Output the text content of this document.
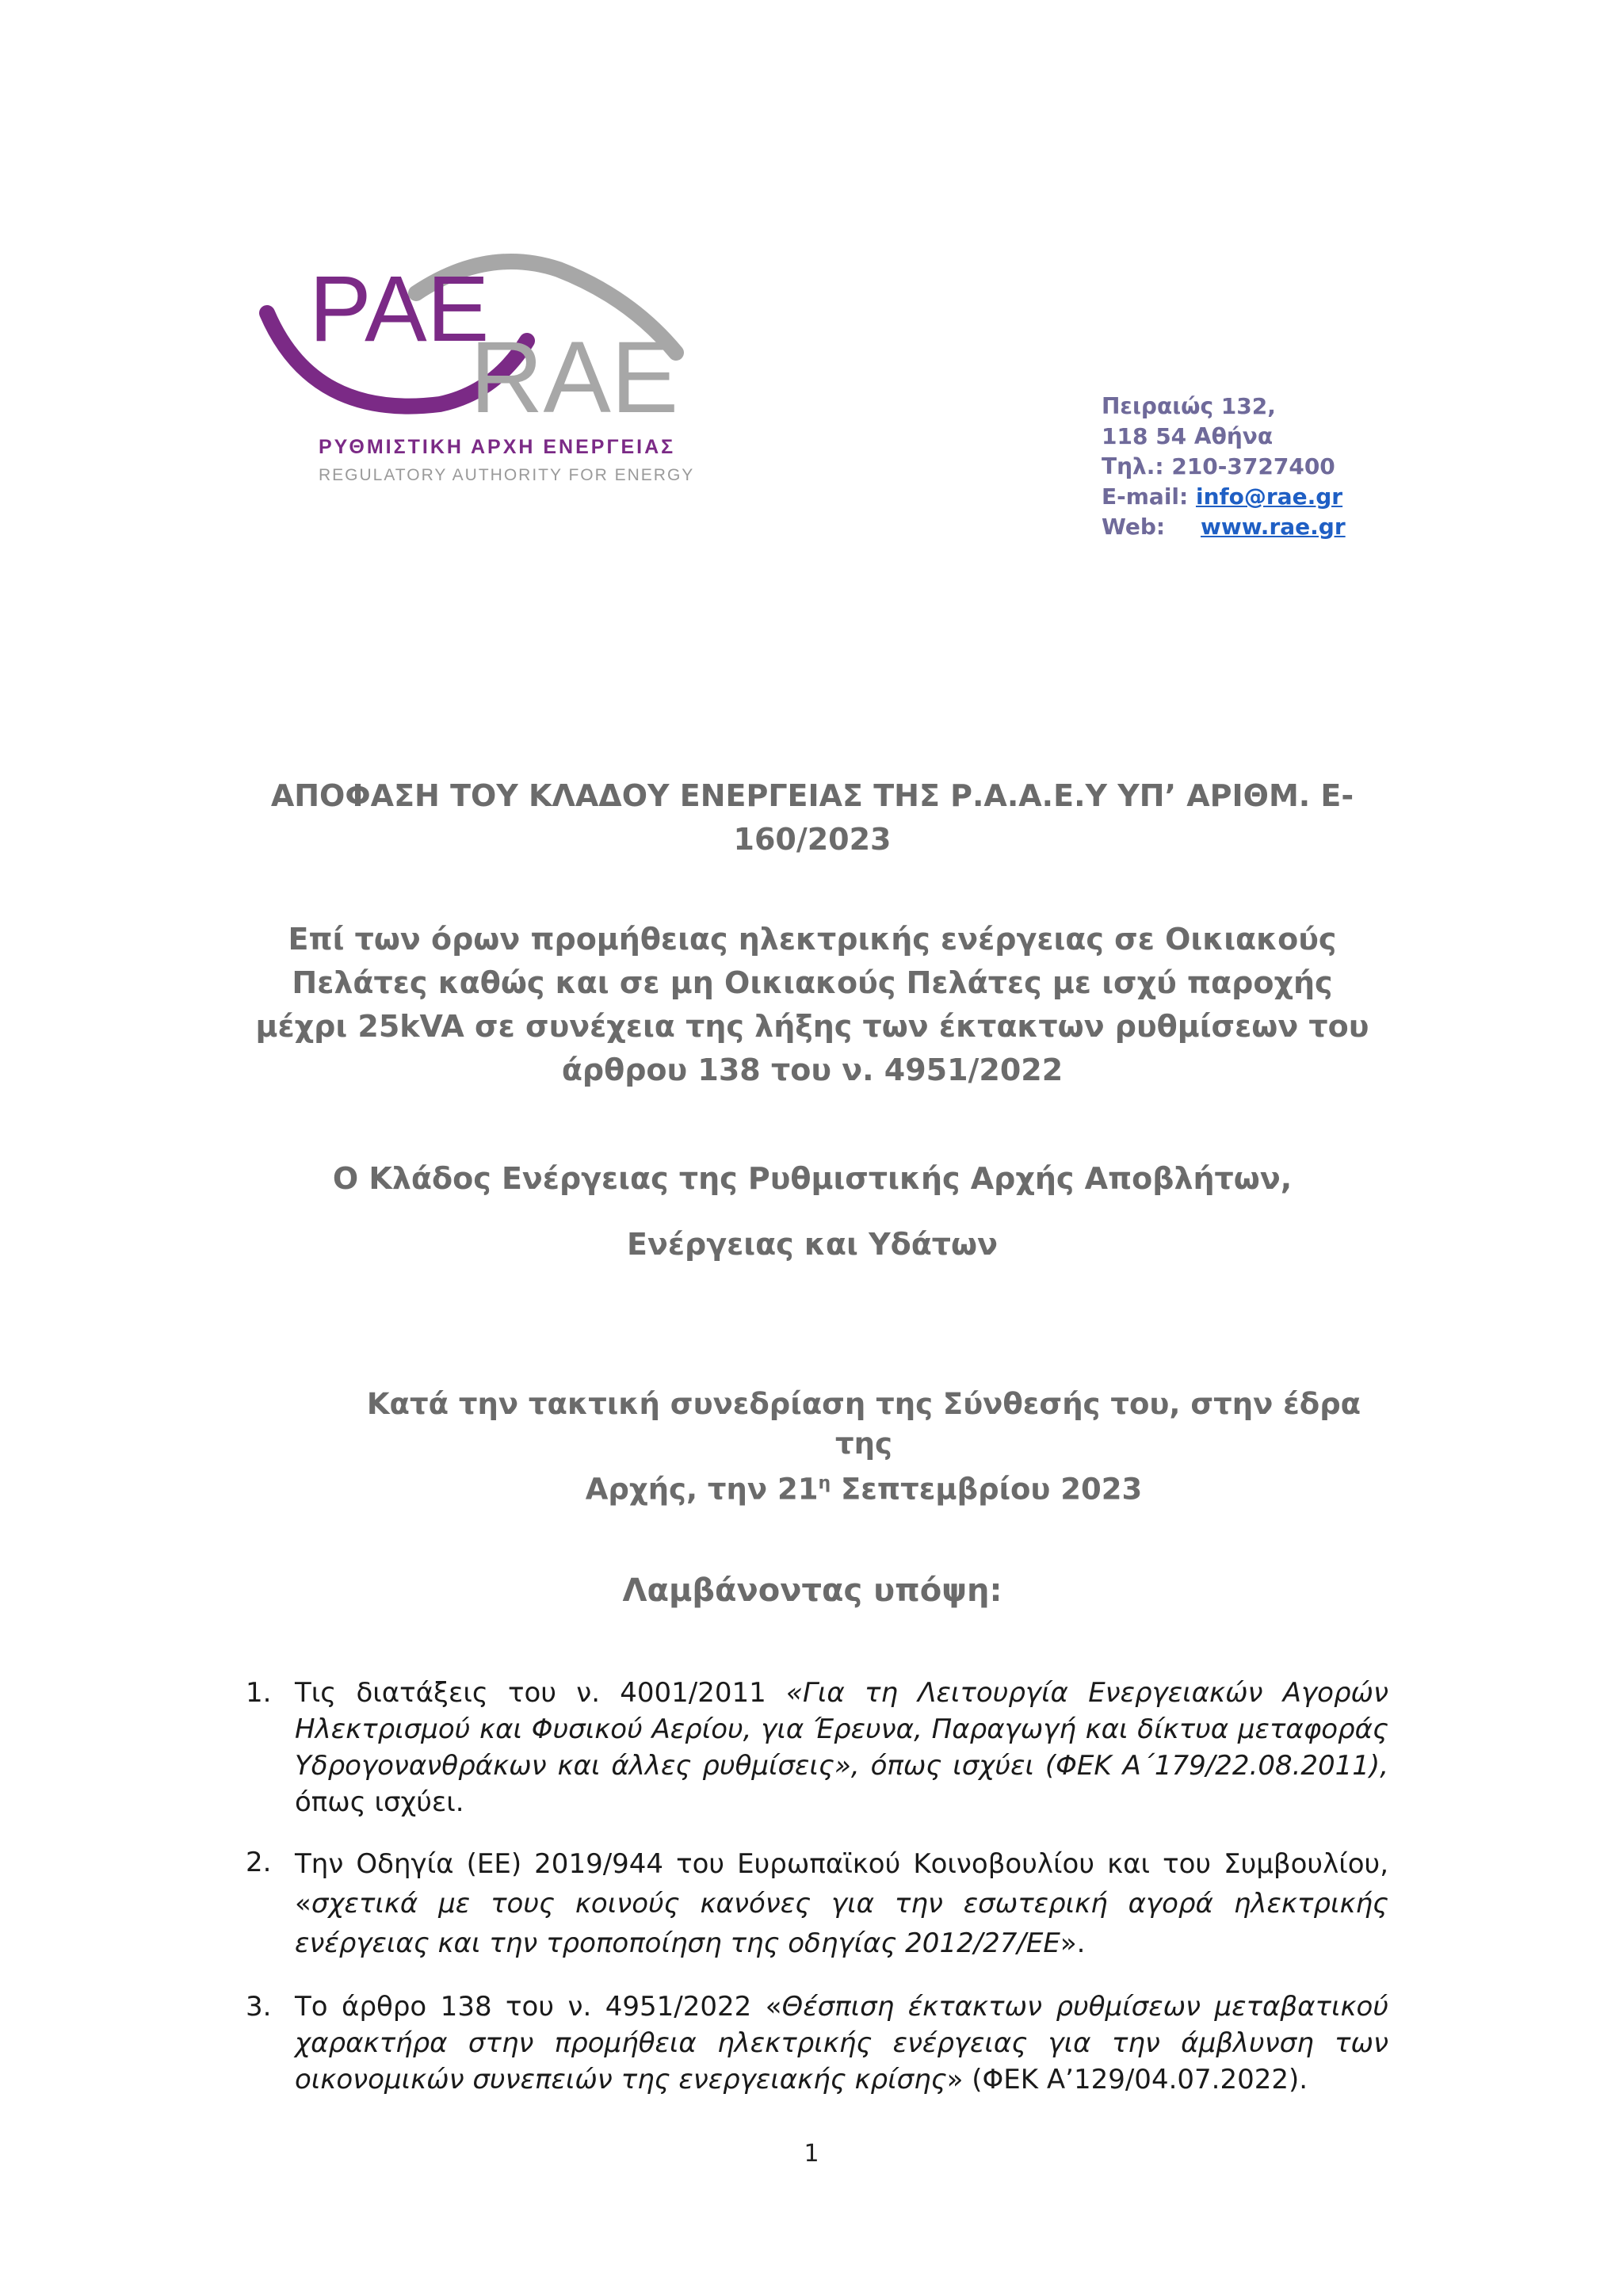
PAE
RAE
ΡΥΘΜΙΣΤΙΚΗ ΑΡΧΗ ΕΝΕΡΓΕΙΑΣ
REGULATORY AUTHORITY FOR ENERGY
Πειραιώς 132,
118 54 Αθήνα
Τηλ.: 210-3727400
E-mail: info@rae.gr
Web: www.rae.gr
ΑΠΟΦΑΣΗ ΤΟΥ ΚΛΑΔΟΥ ΕΝΕΡΓΕΙΑΣ ΤΗΣ Ρ.Α.Α.Ε.Υ ΥΠ’ ΑΡΙΘΜ. Ε-
160/2023
Επί των όρων προμήθειας ηλεκτρικής ενέργειας σε Οικιακούς
Πελάτες καθώς και σε μη Οικιακούς Πελάτες με ισχύ παροχής
μέχρι 25kVA σε συνέχεια της λήξης των έκτακτων ρυθμίσεων του
άρθρου 138 του ν. 4951/2022
Ο Κλάδος Ενέργειας της Ρυθμιστικής Αρχής Αποβλήτων,
Ενέργειας και Υδάτων
Κατά την τακτική συνεδρίαση της Σύνθεσής του, στην έδρα της
Αρχής, την $21^\eta$ Σεπτεμβρίου 2023
Λαμβάνοντας υπόψη:
1. Τις διατάξεις του ν. 4001/2011 «Για τη Λειτουργία Ενεργειακών Αγορών Ηλεκτρισμού και Φυσικού Αερίου, για Έρευνα, Παραγωγή και δίκτυα μεταφοράς Υδρογονανθράκων και άλλες ρυθμίσεις», όπως ισχύει (ΦΕΚ Α΄179/22.08.2011), όπως ισχύει.
2. Την Οδηγία (ΕΕ) 2019/944 του Ευρωπαϊκού Κοινοβουλίου και του Συμβουλίου, «σχετικά με τους κοινούς κανόνες για την εσωτερική αγορά ηλεκτρικής ενέργειας και την τροποποίηση της οδηγίας 2012/27/ΕΕ».
3. Το άρθρο 138 του ν. 4951/2022 «Θέσπιση έκτακτων ρυθμίσεων μεταβατικού χαρακτήρα στην προμήθεια ηλεκτρικής ενέργειας για την άμβλυνση των οικονομικών συνεπειών της ενεργειακής κρίσης» (ΦΕΚ Α’129/04.07.2022).
1
